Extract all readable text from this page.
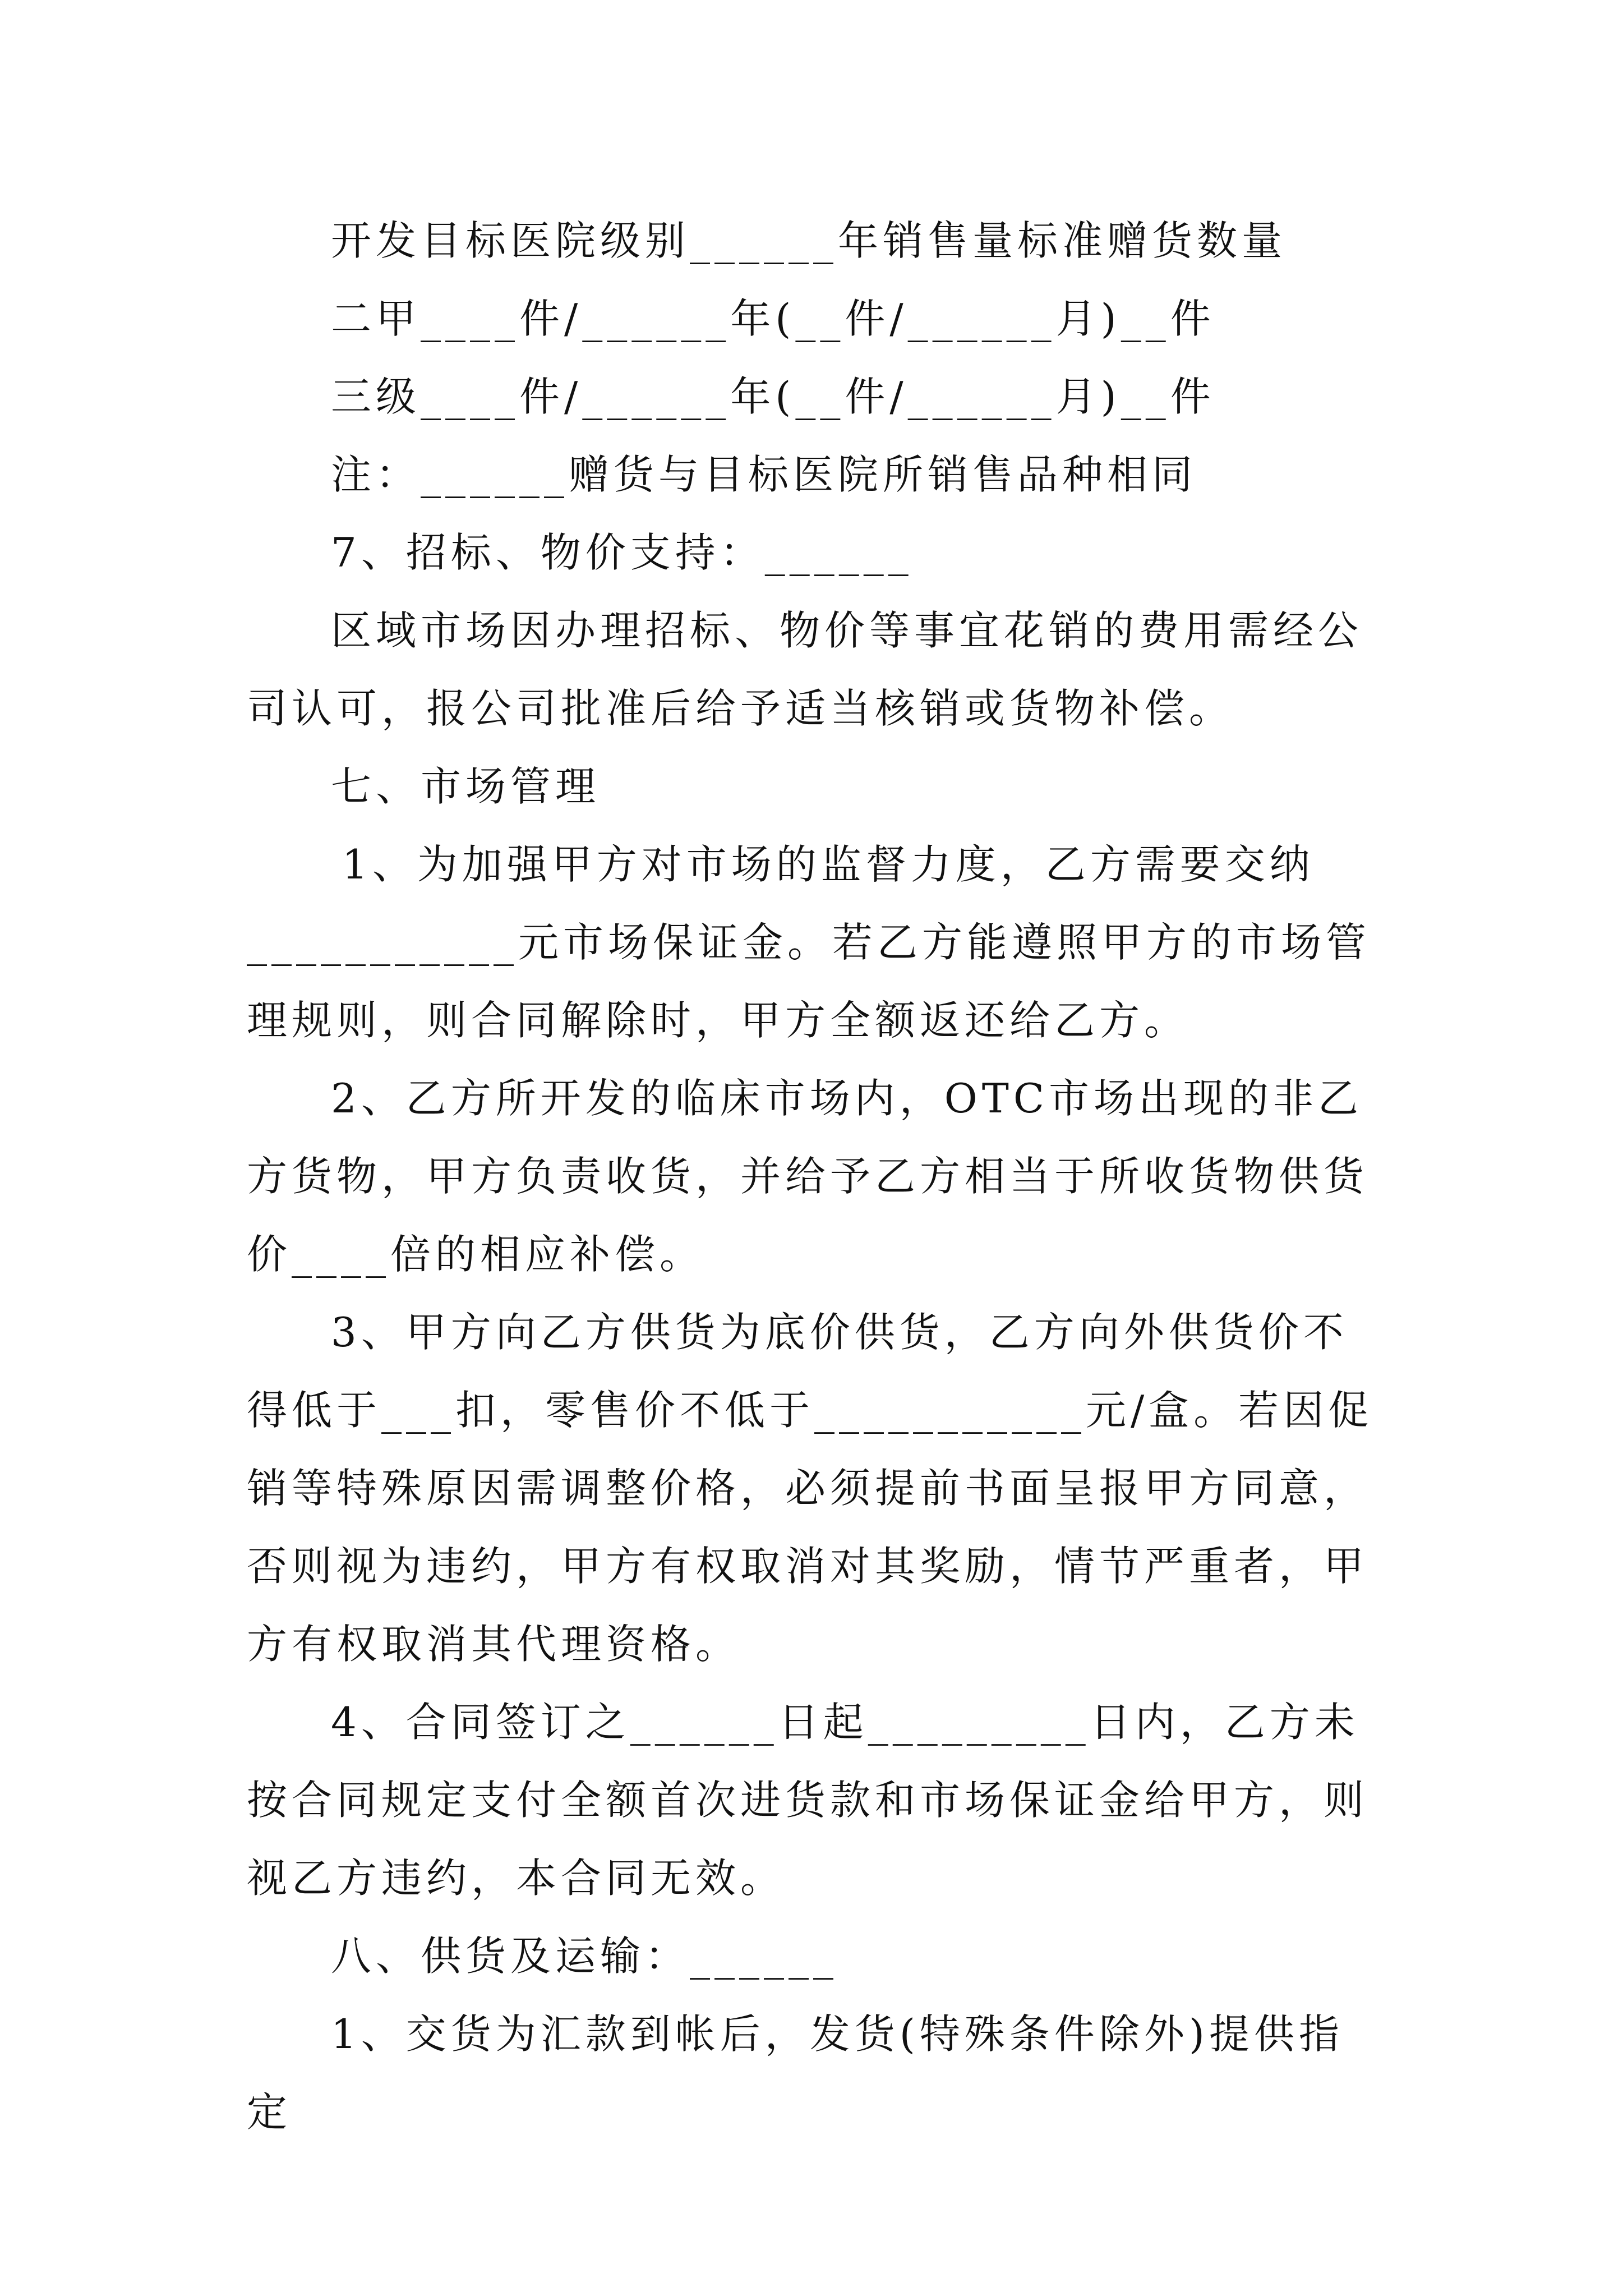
开发目标医院级别______年销售量标准赠货数量

二甲____件/______年(__件/______月)__件

三级____件/______年(__件/______月)__件

注：______赠货与目标医院所销售品种相同

7、招标、物价支持：______

区域市场因办理招标、物价等事宜花销的费用需经公司认可，报公司批准后给予适当核销或货物补偿。

七、市场管理

1、为加强甲方对市场的监督力度，乙方需要交纳___________元市场保证金。若乙方能遵照甲方的市场管理规则，则合同解除时，甲方全额返还给乙方。

2、乙方所开发的临床市场内，OTC市场出现的非乙方货物，甲方负责收货，并给予乙方相当于所收货物供货价____倍的相应补偿。

3、甲方向乙方供货为底价供货，乙方向外供货价不得低于___扣，零售价不低于___________元/盒。若因促销等特殊原因需调整价格，必须提前书面呈报甲方同意，否则视为违约，甲方有权取消对其奖励，情节严重者，甲方有权取消其代理资格。

4、合同签订之______日起_________日内，乙方未按合同规定支付全额首次进货款和市场保证金给甲方，则视乙方违约，本合同无效。

八、供货及运输：______

1、交货为汇款到帐后，发货(特殊条件除外)提供指定
